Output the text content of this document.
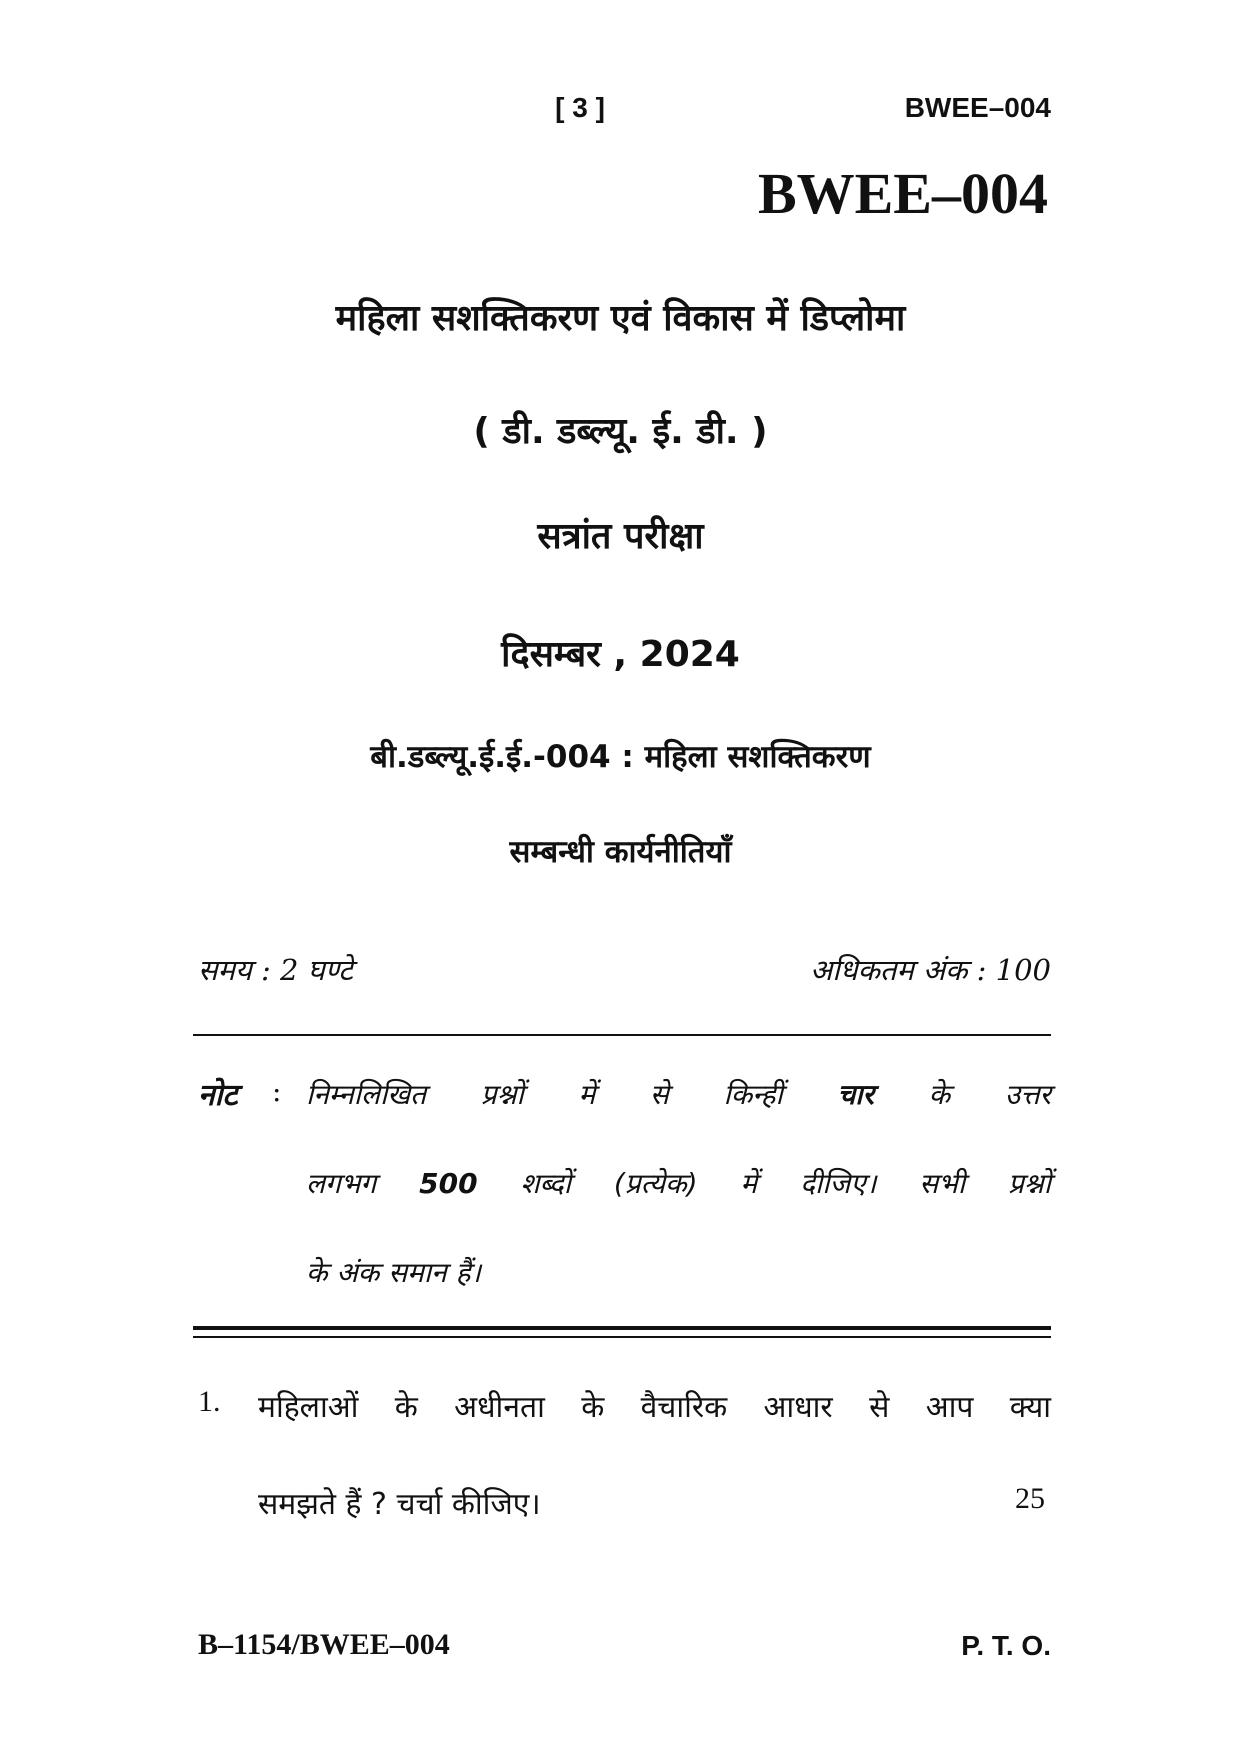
[ 3 ]	BWEE–004
BWEE–004
महिला सशक्तिकरण एवं विकास में डिप्लोमा
( डी. डब्ल्यू. ई. डी. )
सत्रांत परीक्षा
दिसम्बर , 2024
बी.डब्ल्यू.ई.ई.-004 : महिला सशक्तिकरण
सम्बन्धी कार्यनीतियाँ
समय : 2 घण्टे	अधिकतम अंक : 100
नोट : निम्नलिखित प्रश्नों में से किन्हीं चार के उत्तर
लगभग 500 शब्दों (प्रत्येक) में दीजिए। सभी प्रश्नों
के अंक समान हैं।
1. महिलाओं के अधीनता के वैचारिक आधार से आप क्या
समझते हैं ? चर्चा कीजिए।	25
B–1154/BWEE–004	P. T. O.
